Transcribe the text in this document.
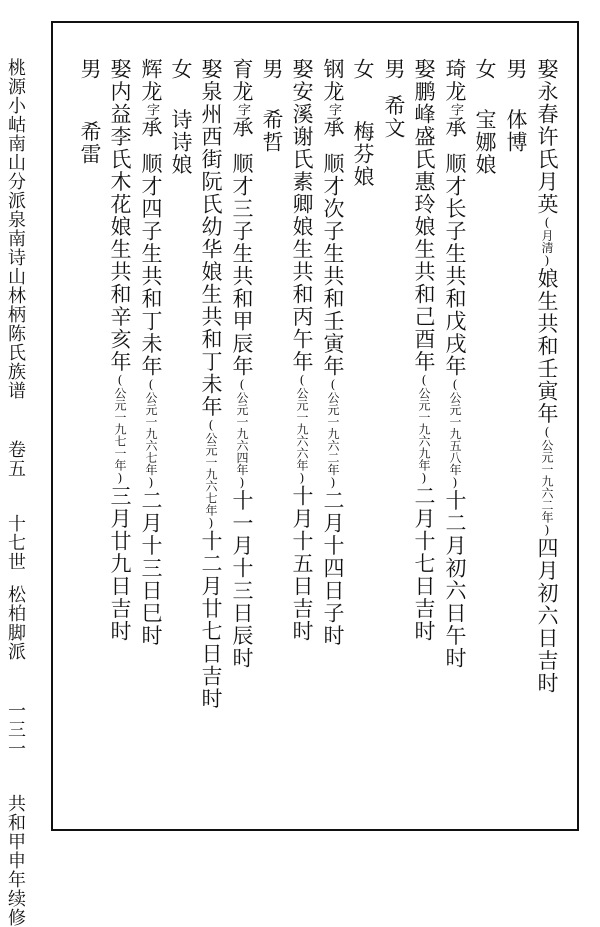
桃源小岵南山分派泉南诗山林柄陈氏族谱卷五十七世松柏脚派一三一共和甲申年续修
娶永春许氏月英(月清)娘生共和壬寅年(公元一九六二年)四月初六日吉时
男体博
女宝娜娘
琦龙字承顺才长子生共和戊戌年(公元一九五八年)十二月初六日午时
娶鹏峰盛氏惠玲娘生共和己酉年(公元一九六九年)二月十七日吉时
男希文
女梅芬娘
钢龙字承顺才次子生共和壬寅年(公元一九六二年)二月十四日子时
娶安溪谢氏素卿娘生共和丙午年(公元一九六六年)十月十五日吉时
男希哲
育龙字承顺才三子生共和甲辰年(公元一九六四年)十一月十三日辰时
娶泉州西街阮氏幼华娘生共和丁未年(公元一九六七年)十二月廿七日吉时
女诗诗娘
辉龙字承顺才四子生共和丁未年(公元一九六七年)二月十三日巳时
娶内益李氏木花娘生共和辛亥年(公元一九七一年)三月廿九日吉时
男希雷
